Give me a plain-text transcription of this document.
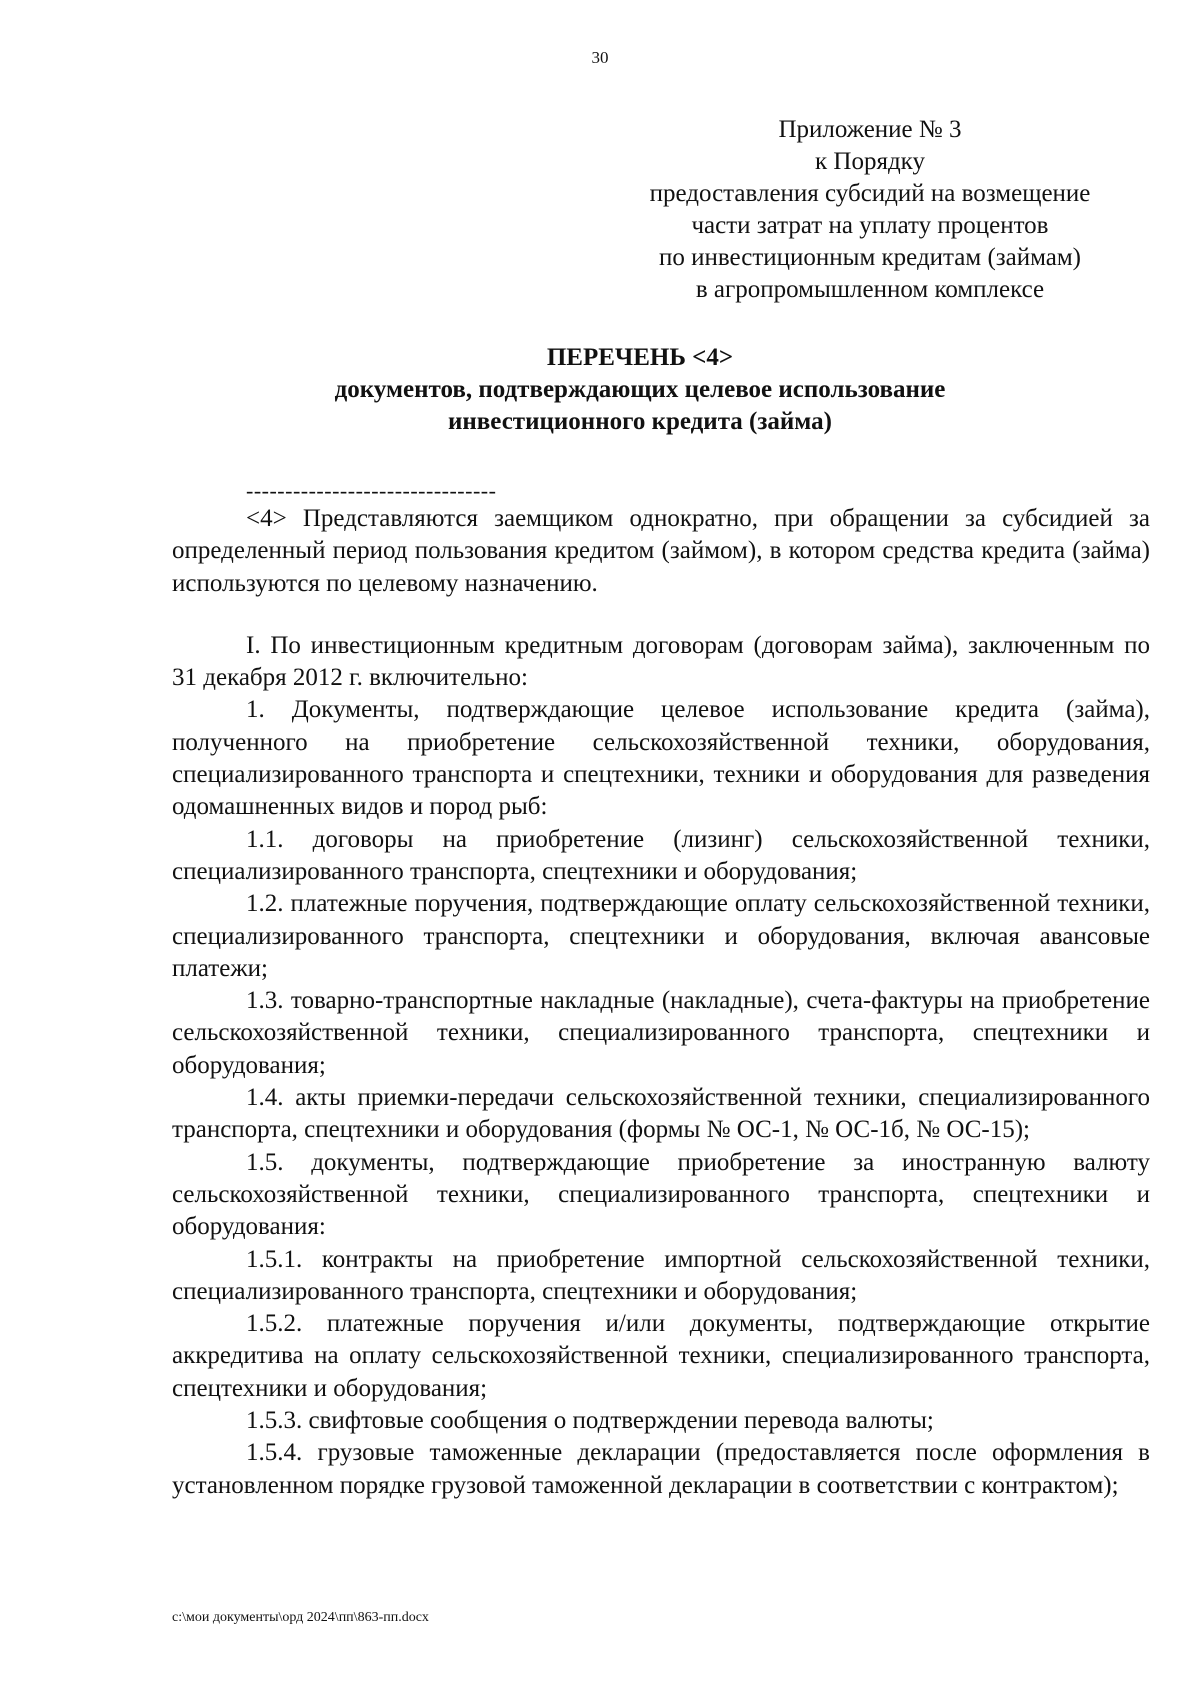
30
Приложение № 3
к Порядку
предоставления субсидий на возмещение
части затрат на уплату процентов
по инвестиционным кредитам (займам)
в агропромышленном комплексе
ПЕРЕЧЕНЬ <4>
документов, подтверждающих целевое использование
инвестиционного кредита (займа)
--------------------------------

<4> Представляются заемщиком однократно, при обращении за субсидией за определенный период пользования кредитом (займом), в котором средства кредита (займа) используются по целевому назначению.

I. По инвестиционным кредитным договорам (договорам займа), заключенным по 31 декабря 2012 г. включительно:

1. Документы, подтверждающие целевое использование кредита (займа), полученного на приобретение сельскохозяйственной техники, оборудования, специализированного транспорта и спецтехники, техники и оборудования для разведения одомашненных видов и пород рыб:

1.1. договоры на приобретение (лизинг) сельскохозяйственной техники, специализированного транспорта, спецтехники и оборудования;

1.2. платежные поручения, подтверждающие оплату сельскохозяйственной техники, специализированного транспорта, спецтехники и оборудования, включая авансовые платежи;

1.3. товарно-транспортные накладные (накладные), счета-фактуры на приобретение сельскохозяйственной техники, специализированного транспорта, спецтехники и оборудования;

1.4. акты приемки-передачи сельскохозяйственной техники, специализированного транспорта, спецтехники и оборудования (формы № ОС-1, № ОС-1б, № ОС-15);

1.5. документы, подтверждающие приобретение за иностранную валюту сельскохозяйственной техники, специализированного транспорта, спецтехники и оборудования:

1.5.1. контракты на приобретение импортной сельскохозяйственной техники, специализированного транспорта, спецтехники и оборудования;

1.5.2. платежные поручения и/или документы, подтверждающие открытие аккредитива на оплату сельскохозяйственной техники, специализированного транспорта, спецтехники и оборудования;

1.5.3. свифтовые сообщения о подтверждении перевода валюты;

1.5.4. грузовые таможенные декларации (предоставляется после оформления в установленном порядке грузовой таможенной декларации в соответствии с контрактом);

c:\мои документы\орд 2024\пп\863-пп.docx
